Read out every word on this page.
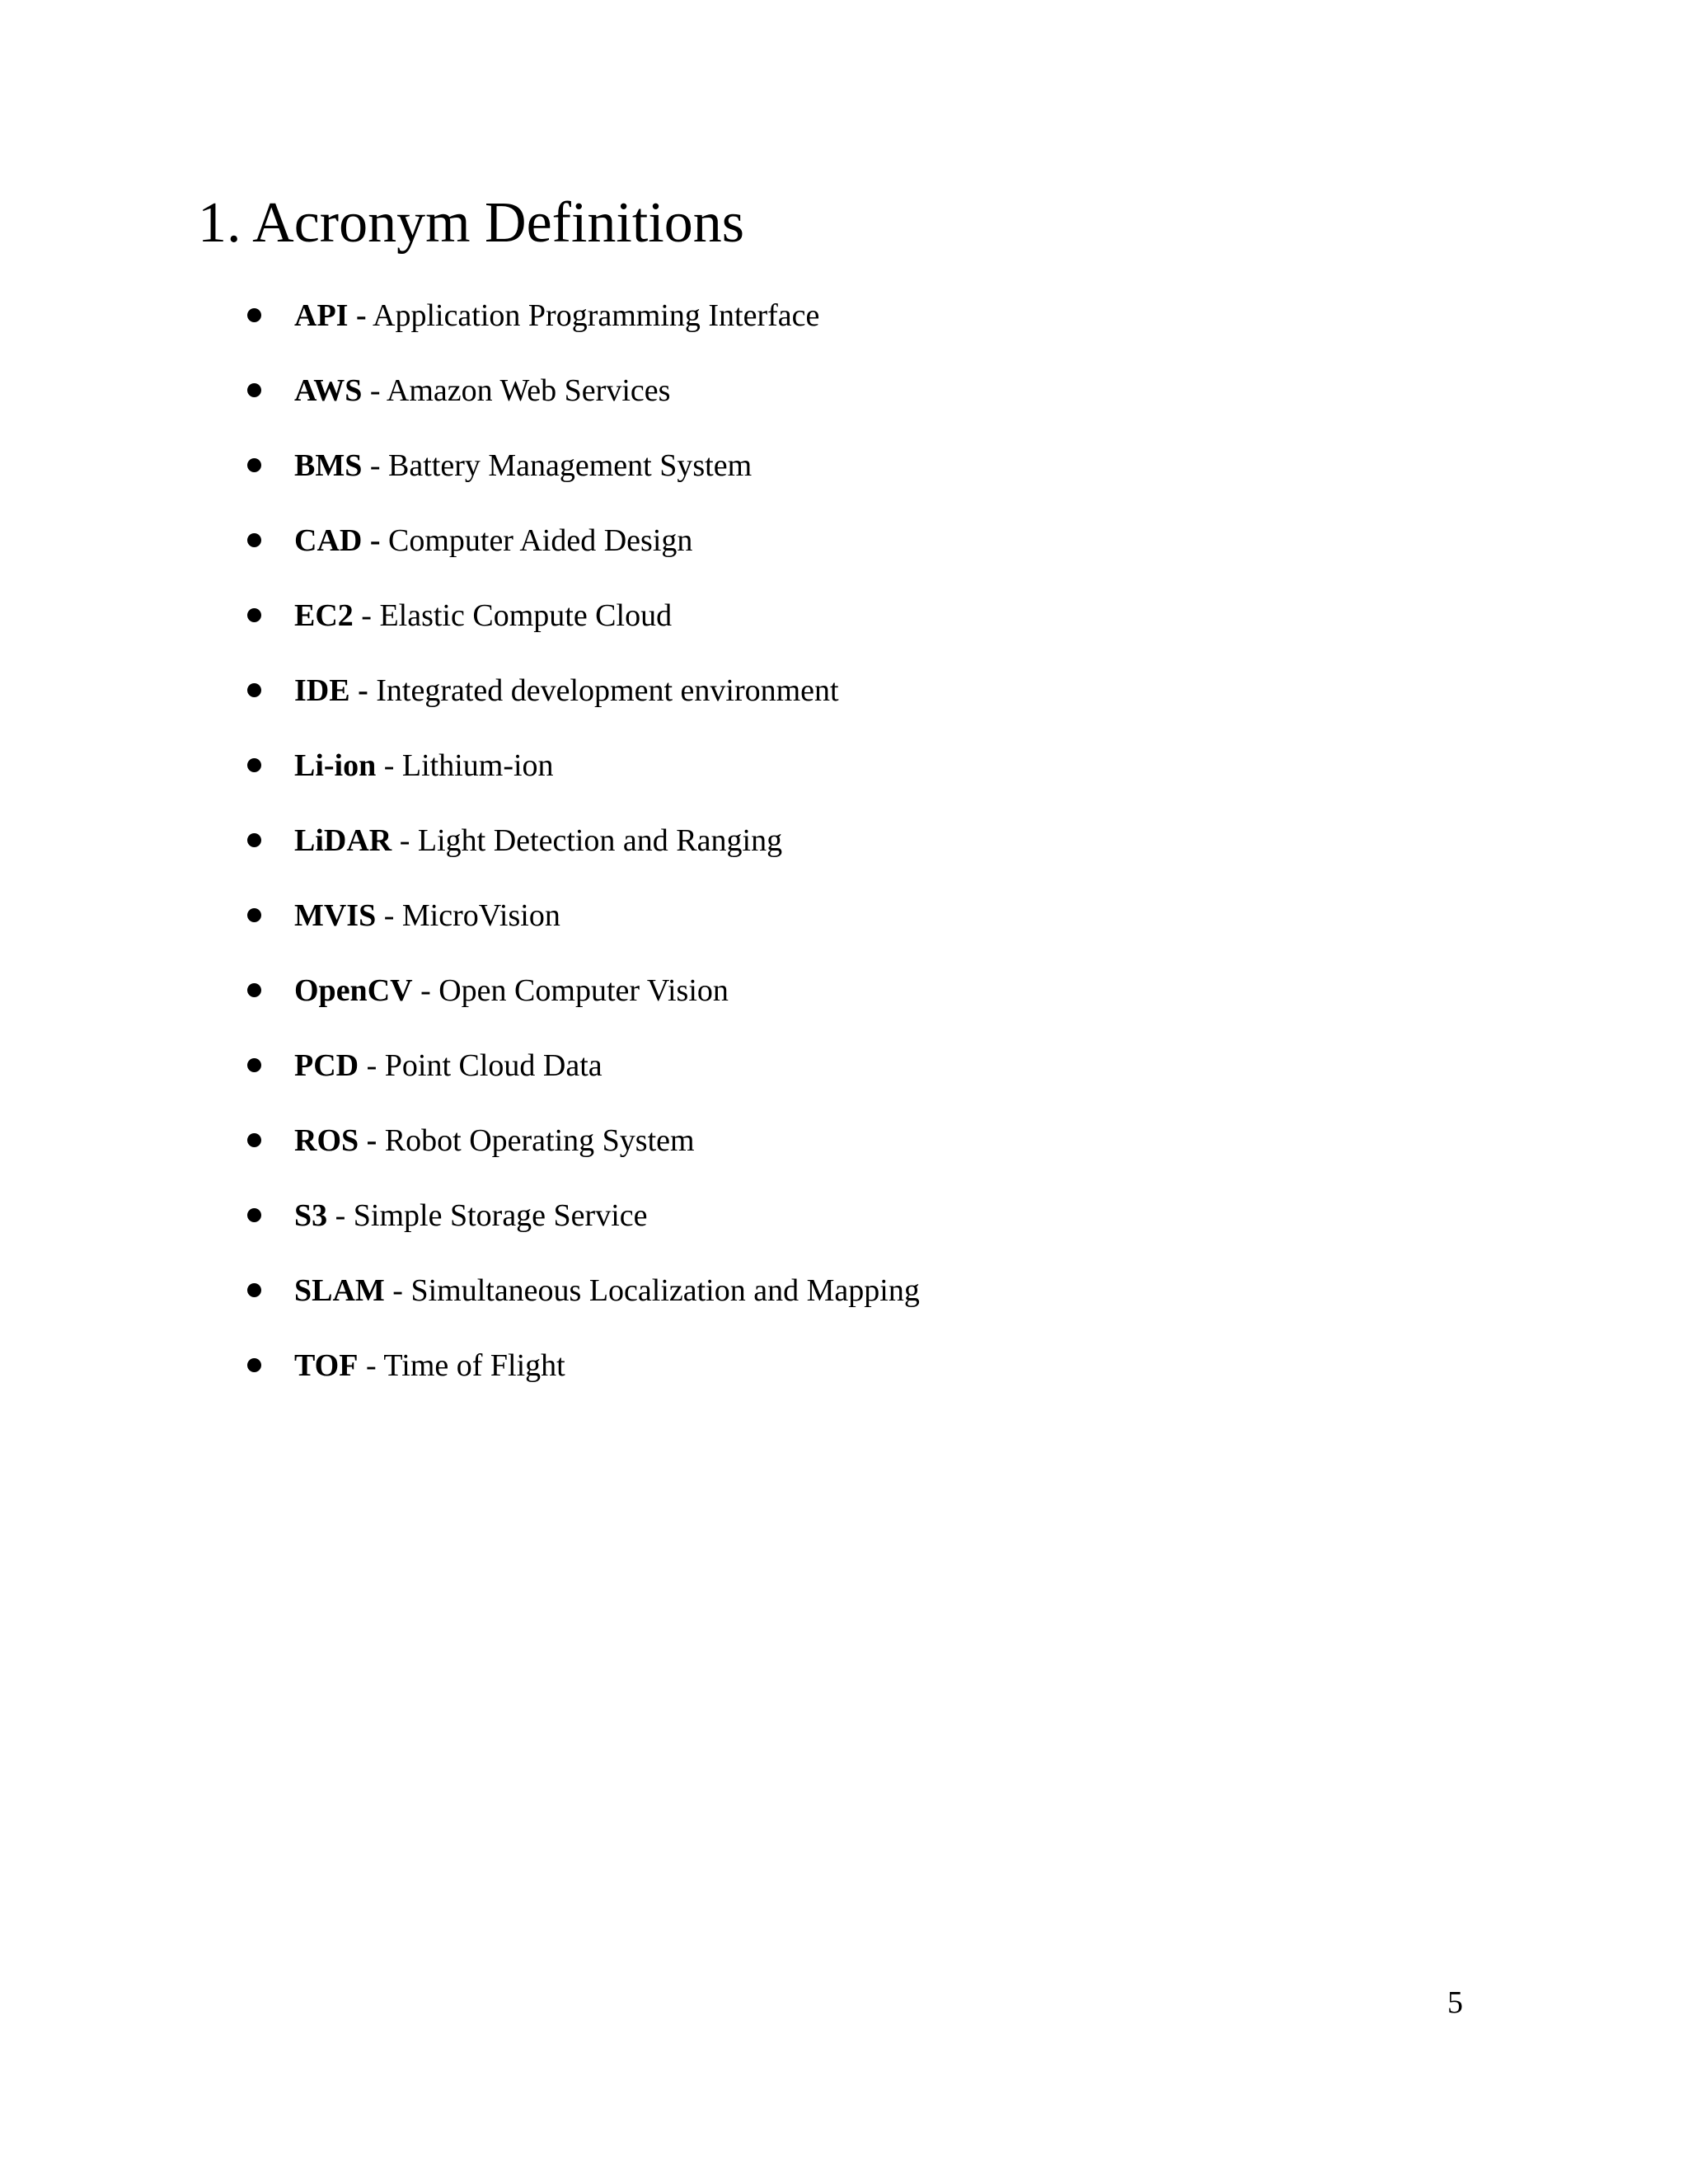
1. Acronym Definitions
API - Application Programming Interface
AWS - Amazon Web Services
BMS - Battery Management System
CAD - Computer Aided Design
EC2 - Elastic Compute Cloud
IDE - Integrated development environment
Li-ion - Lithium-ion
LiDAR - Light Detection and Ranging
MVIS - MicroVision
OpenCV - Open Computer Vision
PCD - Point Cloud Data
ROS - Robot Operating System
S3 - Simple Storage Service
SLAM - Simultaneous Localization and Mapping
TOF - Time of Flight
5
